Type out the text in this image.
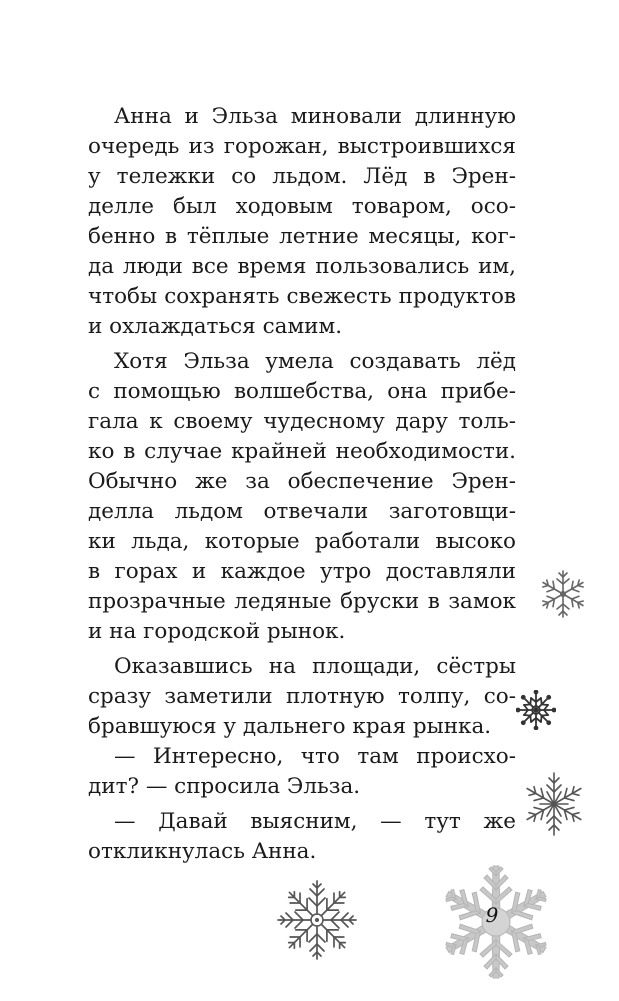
Анна и Эльза миновали длинную
очередь из горожан, выстроившихся
у тележки со льдом. Лёд в Эрен-
делле был ходовым товаром, осо-
бенно в тёплые летние месяцы, ког-
да люди все время пользовались им,
чтобы сохранять свежесть продуктов
и охлаждаться самим.
Хотя Эльза умела создавать лёд
с помощью волшебства, она прибе-
гала к своему чудесному дару толь-
ко в случае крайней необходимости.
Обычно же за обеспечение Эрен-
делла льдом отвечали заготовщи-
ки льда, которые работали высоко
в горах и каждое утро доставляли
прозрачные ледяные бруски в замок
и на городской рынок.
Оказавшись на площади, сёстры
сразу заметили плотную толпу, со-
бравшуюся у дальнего края рынка.
— Интересно, что там происхо-
дит? — спросила Эльза.
— Давай выясним, — тут же
откликнулась Анна.
9
